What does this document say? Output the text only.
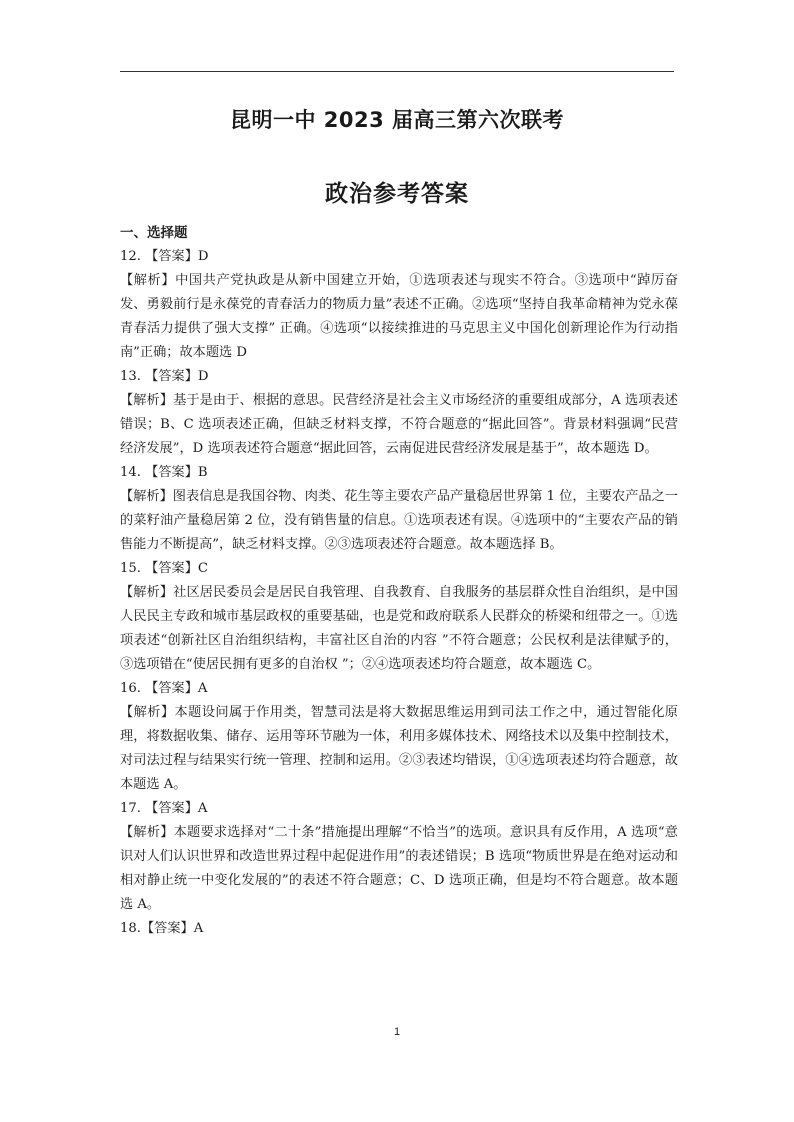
昆明一中 2023 届高三第六次联考
政治参考答案

一、选择题

12. 【答案】D

【解析】中国共产党执政是从新中国建立开始，①选项表述与现实不符合。③选项中“踔厉奋发、勇毅前行是永葆党的青春活力的物质力量”表述不正确。②选项“坚持自我革命精神为党永葆青春活力提供了强大支撑” 正确。④选项“以接续推进的马克思主义中国化创新理论作为行动指南”正确；故本题选 D

13. 【答案】D

【解析】基于是由于、根据的意思。民营经济是社会主义市场经济的重要组成部分，A 选项表述错误；B、C 选项表述正确，但缺乏材料支撑，不符合题意的“据此回答”。背景材料强调“民营经济发展”，D 选项表述符合题意“据此回答，云南促进民营经济发展是基于”，故本题选 D。

14. 【答案】B

【解析】图表信息是我国谷物、肉类、花生等主要农产品产量稳居世界第 1 位，主要农产品之一的菜籽油产量稳居第 2 位，没有销售量的信息。①选项表述有误。④选项中的“主要农产品的销售能力不断提高”，缺乏材料支撑。②③选项表述符合题意。故本题选择 B。

15. 【答案】C

【解析】社区居民委员会是居民自我管理、自我教育、自我服务的基层群众性自治组织，是中国人民民主专政和城市基层政权的重要基础，也是党和政府联系人民群众的桥梁和纽带之一。①选项表述“创新社区自治组织结构，丰富社区自治的内容 ”不符合题意；公民权利是法律赋予的，③选项错在“使居民拥有更多的自治权 ”；②④选项表述均符合题意，故本题选 C。

16. 【答案】A

【解析】本题设问属于作用类，智慧司法是将大数据思维运用到司法工作之中，通过智能化原理，将数据收集、储存、运用等环节融为一体，利用多媒体技术、网络技术以及集中控制技术，对司法过程与结果实行统一管理、控制和运用。②③表述均错误，①④选项表述均符合题意，故本题选 A。

17. 【答案】A

【解析】本题要求选择对“二十条”措施提出理解“不恰当”的选项。意识具有反作用，A 选项“意识对人们认识世界和改造世界过程中起促进作用”的表述错误；B 选项“物质世界是在绝对运动和相对静止统一中变化发展的”的表述不符合题意；C、D 选项正确，但是均不符合题意。故本题选 A。

18.【答案】A

1
